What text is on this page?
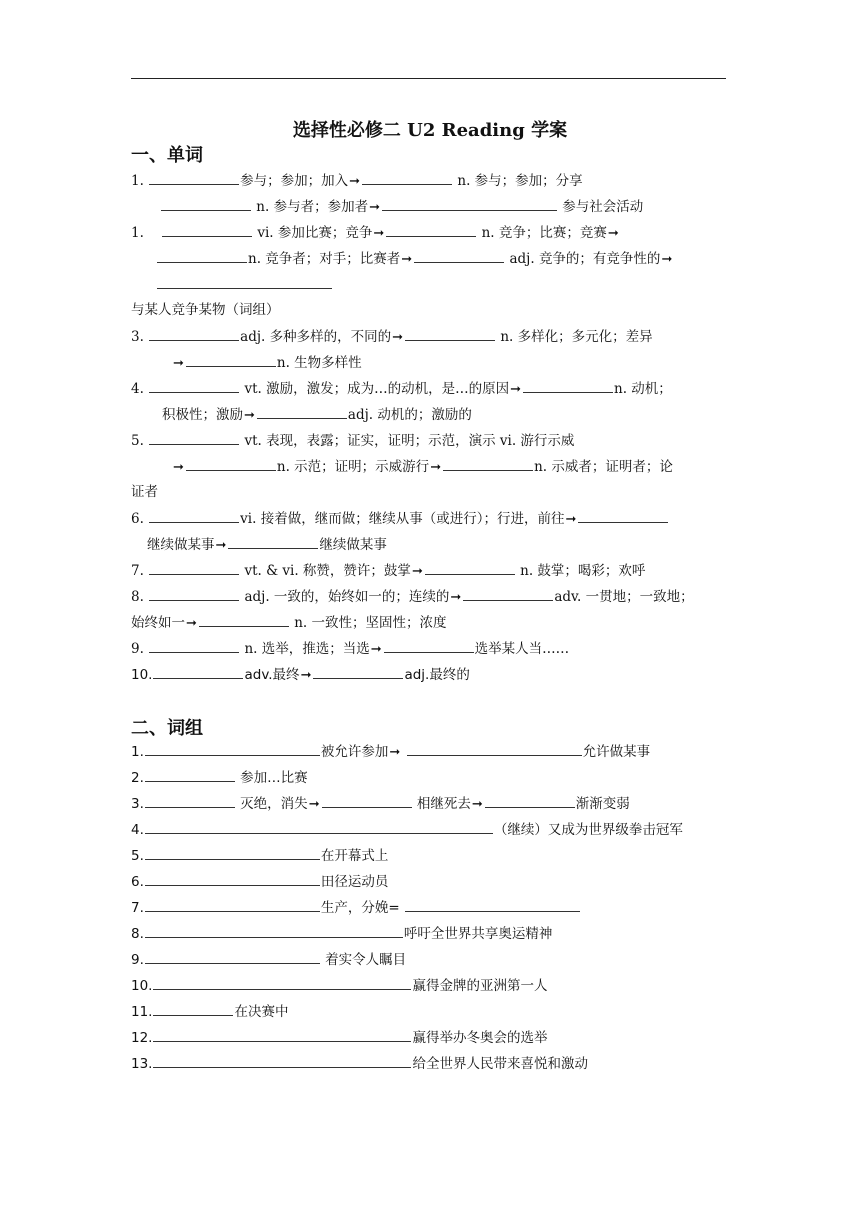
选择性必修二 U2 Reading 学案
一、单词
1.	参与；参加；加入➞	n. 参与；参加；分享
n. 参与者；参加者➞	参与社会活动
1.	vi. 参加比赛；竞争➞	n. 竞争；比赛；竞赛➞
n. 竞争者；对手；比赛者➞	adj. 竞争的；有竞争性的➞
与某人竞争某物（词组）
3.	adj. 多种多样的，不同的➞	n. 多样化；多元化；差异
➞	n. 生物多样性
4.	vt. 激励，激发；成为…的动机，是…的原因➞	n. 动机；
积极性；激励➞	adj. 动机的；激励的
5.	vt. 表现，表露；证实，证明；示范，演示 vi. 游行示威
➞	n. 示范；证明；示威游行➞	n. 示威者；证明者；论
证者
6.	vi. 接着做，继而做；继续从事（或进行）；行进，前往➞
继续做某事➞	继续做某事
7.	vt. & vi. 称赞，赞许；鼓掌➞	n. 鼓掌；喝彩；欢呼
8.	adj. 一致的，始终如一的；连续的➞	adv. 一贯地；一致地；
始终如一➞	n. 一致性；坚固性；浓度
9.	n. 选举，推选；当选➞	选举某人当……
10.	adv.最终➞	adj.最终的
二、词组
1.	被允许参加➞	允许做某事
2.	参加…比赛
3.	灭绝，消失➞	相继死去➞	渐渐变弱
4.	（继续）又成为世界级拳击冠军
5.	在开幕式上
6.	田径运动员
7.	生产，分娩=
8.	呼吁全世界共享奥运精神
9.	着实令人瞩目
10.	赢得金牌的亚洲第一人
11.	在决赛中
12.	赢得举办冬奥会的选举
13.	给全世界人民带来喜悦和激动
